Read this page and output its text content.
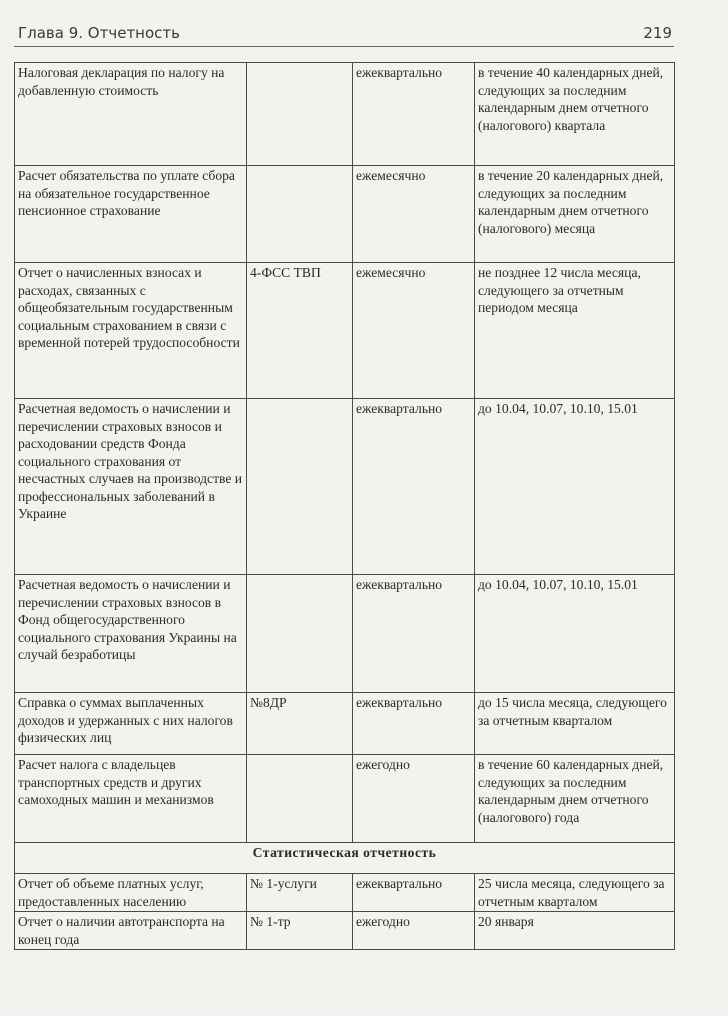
Глава 9. Отчетность	219
Налоговая декларация по налогу на добавленную стоимость		ежеквартально	в течение 40 календарных дней, следующих за последним календарным днем отчетного (налогового) квартала
Расчет обязательства по уплате сбора на обязательное государственное пенсионное страхование		ежемесячно	в течение 20 календарных дней, следующих за последним календарным днем отчетного (налогового) месяца
Отчет о начисленных взносах и расходах, связанных с общеобязательным государственным социальным страхованием в связи с временной потерей трудоспособности	4-ФСС ТВП	ежемесячно	не позднее 12 числа месяца, следующего за отчетным периодом месяца
Расчетная ведомость о начислении и перечислении страховых взносов и расходовании средств Фонда социального страхования от несчастных случаев на производстве и профессиональных заболеваний в Украине		ежеквартально	до 10.04, 10.07, 10.10, 15.01
Расчетная ведомость о начислении и перечислении страховых взносов в Фонд общегосударственного социального страхования Украины на случай безработицы		ежеквартально	до 10.04, 10.07, 10.10, 15.01
Справка о суммах выплаченных доходов и удержанных с них налогов физических лиц	№8ДР	ежеквартально	до 15 числа месяца, следующего за отчетным кварталом
Расчет налога с владельцев транспортных средств и других самоходных машин и механизмов		ежегодно	в течение 60 календарных дней, следующих за последним календарным днем отчетного (налогового) года
Статистическая отчетность			
Отчет об объеме платных услуг, предоставленных населению	№ 1-услуги	ежеквартально	25 числа месяца, следующего за отчетным кварталом
Отчет о наличии автотранспорта на конец года	№ 1-тр	ежегодно	20 января
